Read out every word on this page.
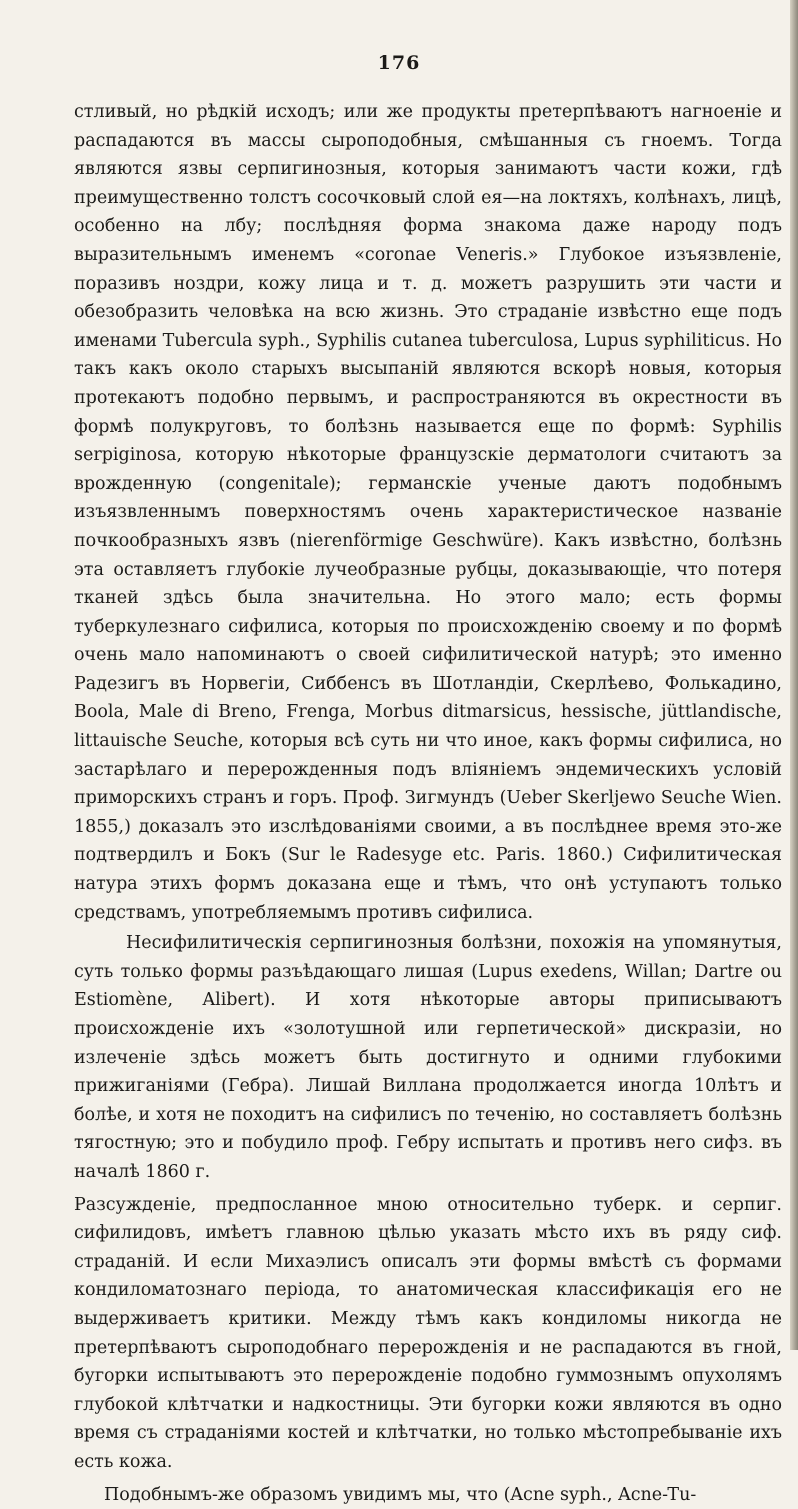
176

стливый, но рѣдкій исходъ; или же продукты претерпѣваютъ нагноеніе и распадаются въ массы сыроподобныя, смѣшанныя съ гноемъ. Тогда являются язвы серпигинозныя, которыя занимаютъ части кожи, гдѣ преимущественно толстъ сосочковый слой ея—на локтяхъ, колѣнахъ, лицѣ, особенно на лбу; послѣдняя форма знакома даже народу подъ выразительнымъ именемъ «coronae Veneris.» Глубокое изъязвленіе, поразивъ ноздри, кожу лица и т. д. можетъ разрушить эти части и обезобразить человѣка на всю жизнь. Это страданіе извѣстно еще подъ именами Tubercula syph., Syphilis cutanea tuberculosa, Lupus syphiliticus. Но такъ какъ около старыхъ высыпаній являются вскорѣ новыя, которыя протекаютъ подобно первымъ, и распространяются въ окрестности въ формѣ полукруговъ, то болѣзнь называется еще по формѣ: Syphilis serpiginosa, которую нѣкоторые французскіе дерматологи считаютъ за врожденную (congenitale); германскіе ученые даютъ подобнымъ изъязвленнымъ поверхностямъ очень характеристическое названіе почкообразныхъ язвъ (nierenförmige Geschwüre). Какъ извѣстно, болѣзнь эта оставляетъ глубокіе лучеобразные рубцы, доказывающіе, что потеря тканей здѣсь была значительна. Но этого мало; есть формы туберкулезнаго сифилиса, которыя по происхожденію своему и по формѣ очень мало напоминаютъ о своей сифилитической натурѣ; это именно Радезигъ въ Норвегіи, Сиббенсъ въ Шотландіи, Скерлѣево, Фолькадино, Boola, Male di Breno, Frenga, Morbus ditmarsicus, hessische, jüttlandische, littauische Seuche, которыя всѣ суть ни что иное, какъ формы сифилиса, но застарѣлаго и перерожденныя подъ вліяніемъ эндемическихъ условій приморскихъ странъ и горъ. Проф. Зигмундъ (Ueber Skerljewo Seuche Wien. 1855,) доказалъ это изслѣдованіями своими, а въ послѣднее время это-же подтвердилъ и Бокъ (Sur le Radesyge etc. Paris. 1860.) Сифилитическая натура этихъ формъ доказана еще и тѣмъ, что онѣ уступаютъ только средствамъ, употребляемымъ противъ сифилиса.

Несифилитическія серпигинозныя болѣзни, похожія на упомянутыя, суть только формы разъѣдающаго лишая (Lupus exedens, Willan; Dartre ou Estiomène, Alibert). И хотя нѣкоторые авторы приписываютъ происхожденіе ихъ «золотушной или герпетической» дискразіи, но излеченіе здѣсь можетъ быть достигнуто и одними глубокими прижиганіями (Гебра). Лишай Виллана продолжается иногда 10лѣтъ и болѣе, и хотя не походитъ на сифилисъ по теченію, но составляетъ болѣзнь тягостную; это и побудило проф. Гебру испытать и противъ него сифз. въ началѣ 1860 г.

Разсужденіе, предпосланное мною относительно туберк. и серпиг. сифилидовъ, имѣетъ главною цѣлью указать мѣсто ихъ въ ряду сиф. страданій. И если Михаэлисъ описалъ эти формы вмѣстѣ съ формами кондиломатознаго періода, то анатомическая классификація его не выдерживаетъ критики. Между тѣмъ какъ кондиломы никогда не претерпѣваютъ сыроподобнаго перерожденія и не распадаются въ гной, бугорки испытываютъ это перерожденіе подобно гуммознымъ опухолямъ глубокой клѣтчатки и надкостницы. Эти бугорки кожи являются въ одно время съ страданіями костей и клѣтчатки, но только мѣстопребываніе ихъ есть кожа.

Подобнымъ-же образомъ увидимъ мы, что (Acne syph., Acne-Tu-
